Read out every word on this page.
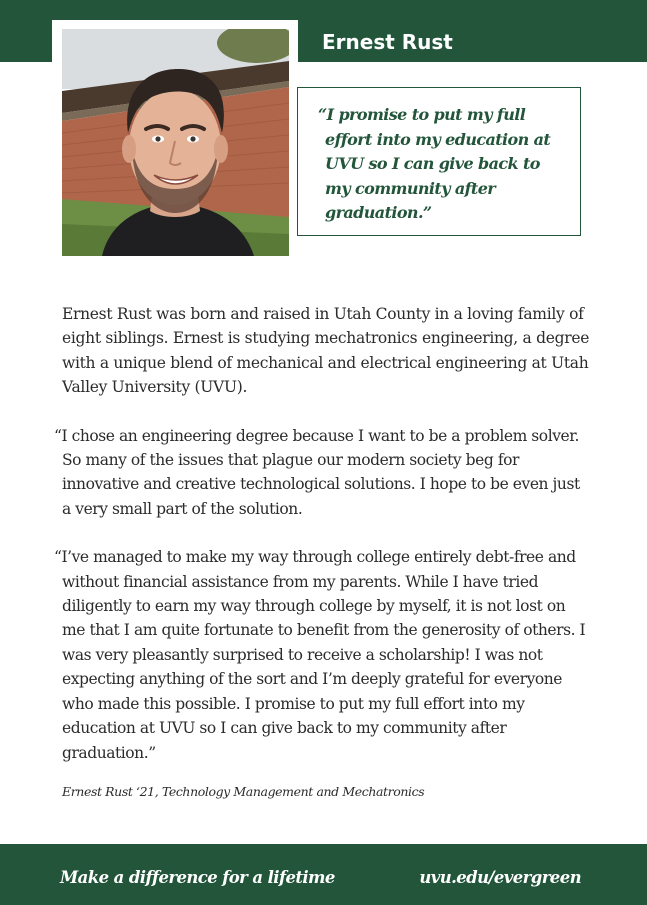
Ernest Rust

“I promise to put my full effort into my education at UVU so I can give back to my community after graduation.”

Ernest Rust was born and raised in Utah County in a loving family of eight siblings. Ernest is studying mechatronics engineering, a degree with a unique blend of mechanical and electrical engineering at Utah Valley University (UVU).

“I chose an engineering degree because I want to be a problem solver. So many of the issues that plague our modern society beg for innovative and creative technological solutions. I hope to be even just a very small part of the solution.

“I’ve managed to make my way through college entirely debt-free and without financial assistance from my parents. While I have tried diligently to earn my way through college by myself, it is not lost on me that I am quite fortunate to benefit from the generosity of others. I was very pleasantly surprised to receive a scholarship! I was not expecting anything of the sort and I’m deeply grateful for everyone who made this possible. I promise to put my full effort into my education at UVU so I can give back to my community after graduation.”

Ernest Rust ‘21, Technology Management and Mechatronics
Make a difference for a lifetime	uvu.edu/evergreen
